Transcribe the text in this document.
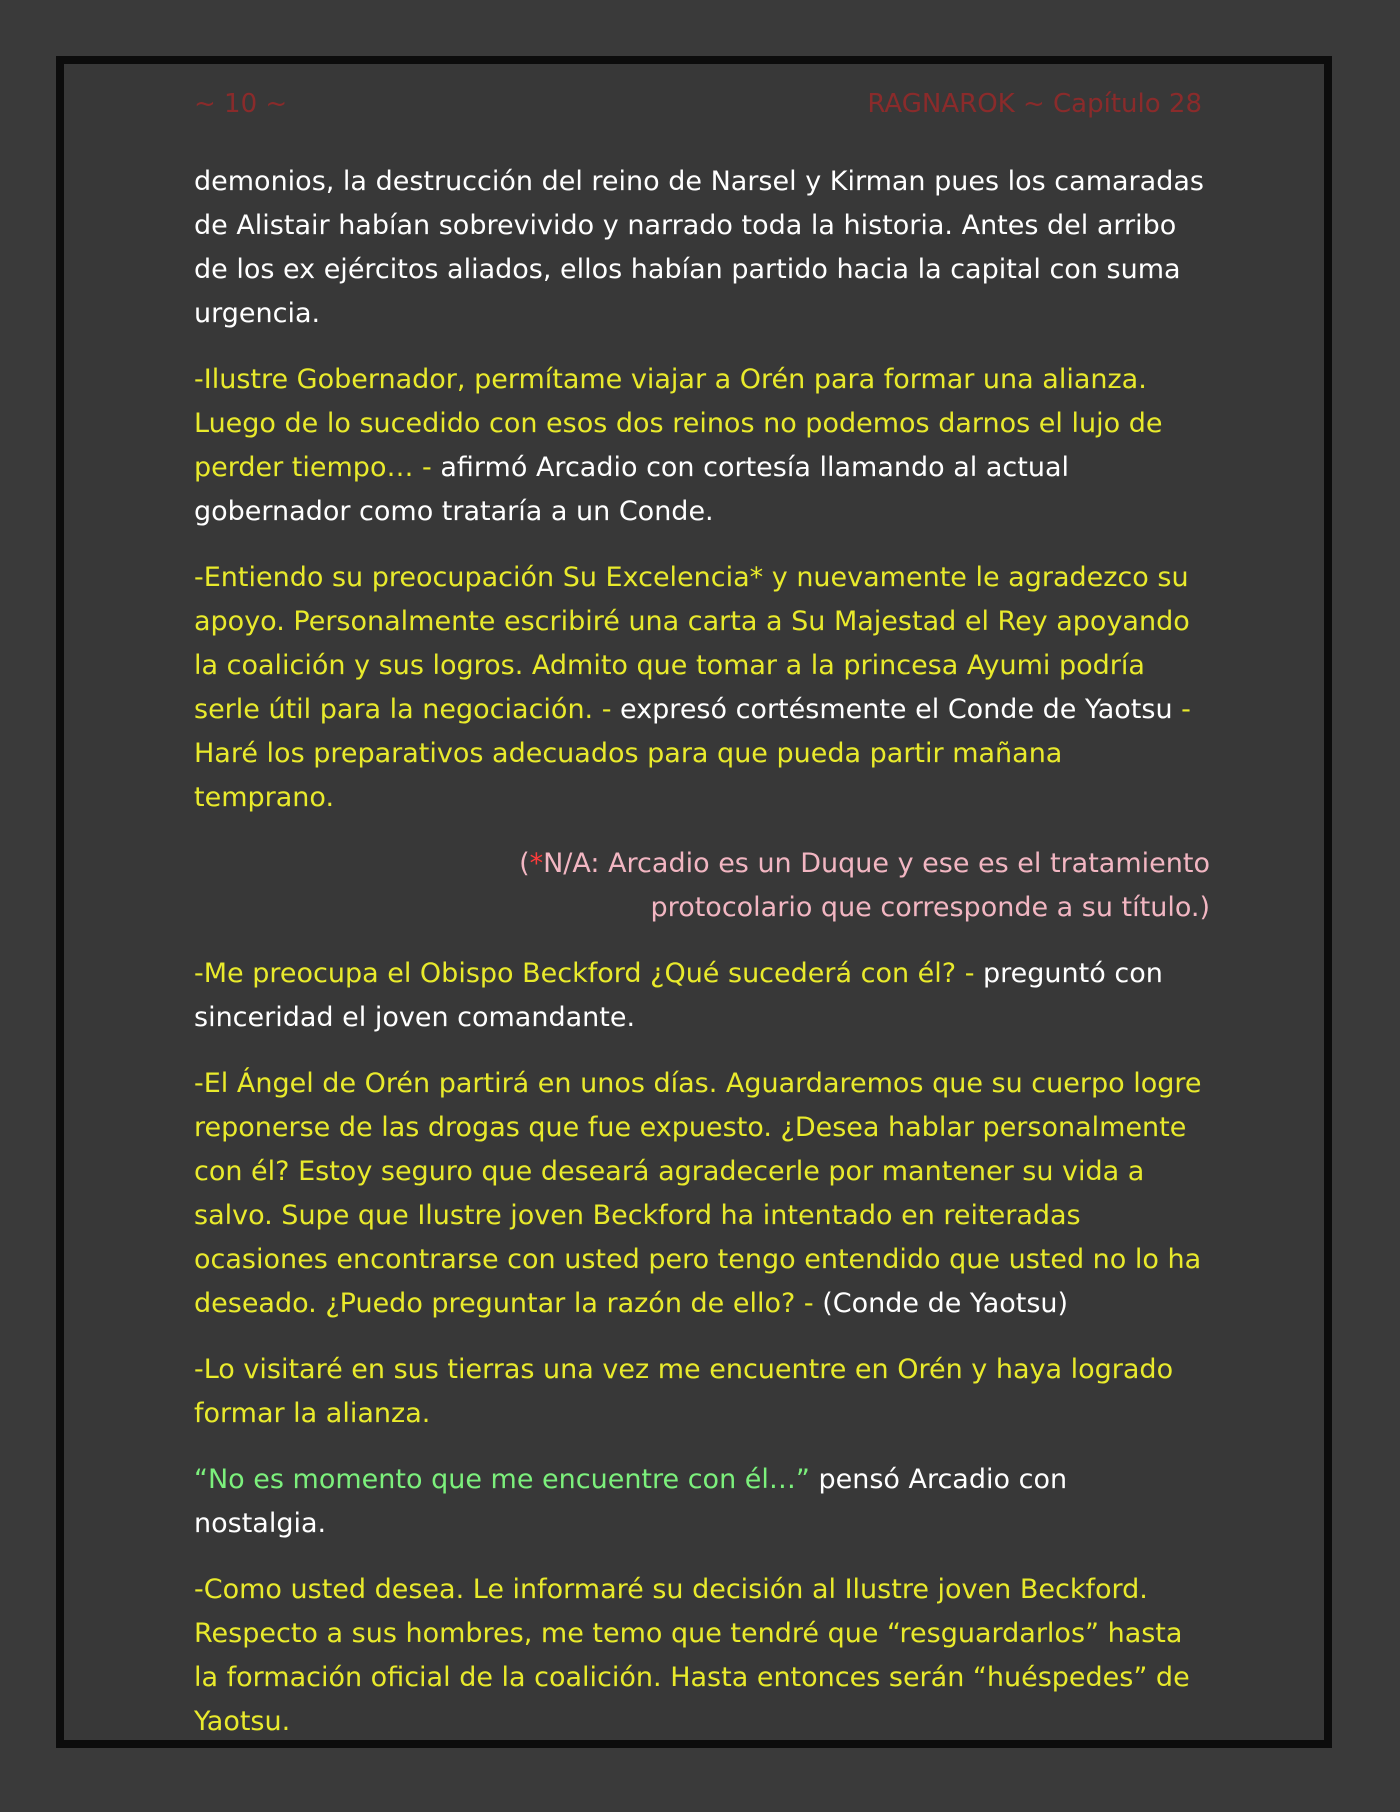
~ 10 ~	RAGNAROK ~ Capítulo 28

demonios, la destrucción del reino de Narsel y Kirman pues los camaradas de Alistair habían sobrevivido y narrado toda la historia. Antes del arribo de los ex ejércitos aliados, ellos habían partido hacia la capital con suma urgencia.

-Ilustre Gobernador, permítame viajar a Orén para formar una alianza. Luego de lo sucedido con esos dos reinos no podemos darnos el lujo de perder tiempo… - afirmó Arcadio con cortesía llamando al actual gobernador como trataría a un Conde.

-Entiendo su preocupación Su Excelencia* y nuevamente le agradezco su apoyo. Personalmente escribiré una carta a Su Majestad el Rey apoyando la coalición y sus logros. Admito que tomar a la princesa Ayumi podría serle útil para la negociación. - expresó cortésmente el Conde de Yaotsu - Haré los preparativos adecuados para que pueda partir mañana temprano.

(*N/A: Arcadio es un Duque y ese es el tratamiento
protocolario que corresponde a su título.)

-Me preocupa el Obispo Beckford ¿Qué sucederá con él? - preguntó con sinceridad el joven comandante.

-El Ángel de Orén partirá en unos días. Aguardaremos que su cuerpo logre reponerse de las drogas que fue expuesto. ¿Desea hablar personalmente con él? Estoy seguro que deseará agradecerle por mantener su vida a salvo. Supe que Ilustre joven Beckford ha intentado en reiteradas ocasiones encontrarse con usted pero tengo entendido que usted no lo ha deseado. ¿Puedo preguntar la razón de ello? - (Conde de Yaotsu)

-Lo visitaré en sus tierras una vez me encuentre en Orén y haya logrado formar la alianza.

“No es momento que me encuentre con él…” pensó Arcadio con nostalgia.

-Como usted desea. Le informaré su decisión al Ilustre joven Beckford. Respecto a sus hombres, me temo que tendré que “resguardarlos” hasta la formación oficial de la coalición. Hasta entonces serán “huéspedes” de Yaotsu.
